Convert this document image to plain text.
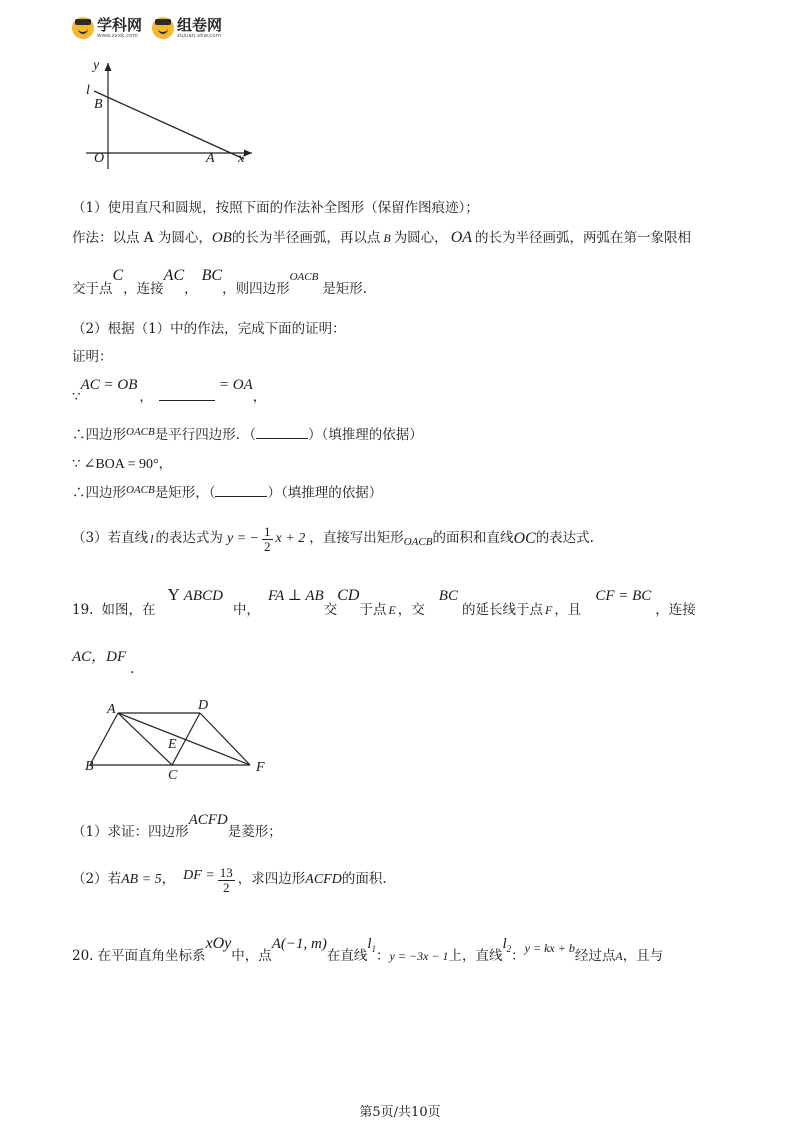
学科网
www.zxxk.com
组卷网
zujuan.xkw.com
y
l
B
O	A x
（1）使用直尺和圆规，按照下面的作法补全图形（保留作图痕迹）；
作法：以点 A 为圆心，OB的长为半径画弧，再以点 B 为圆心， OA 的长为半径画弧，两弧在第一象限相
交于点C，连接AC，BC，则四边形OACB是矩形.
（2）根据（1）中的作法，完成下面的证明：
证明：
∵AC = OB，= OA，
∴四边形$^{OACB}$是平行四边形．（	）（填推理的依据）
∵ ∠BOA = 90°，
∴四边形$^{OACB}$是矩形，（	）（填推理的依据）
（3）若直线 l 的表达式为 y = − $\frac{1}{2}$ x + 2 ，直接写出矩形 OACB 的面积和直线 OC 的表达式.
19. 如图，在Y ABCD中，FA ⊥ AB交CD于点 E ，交BC的延长线于点 F ，且CF = BC，连接
AC，DF.
A	D
E
B
C
F
（1）求证：四边形ACFD是菱形；
（2）若 AB = 5 ， DF = $\frac{13}{2}$ ，求四边形 ACFD 的面积.
20. 在平面直角坐标系xOy中，点A(−1, m)在直线$l_1$：y = −3x − 1上，直线$l_2$：y = kx + b经过点A，且与
第5页/共10页
